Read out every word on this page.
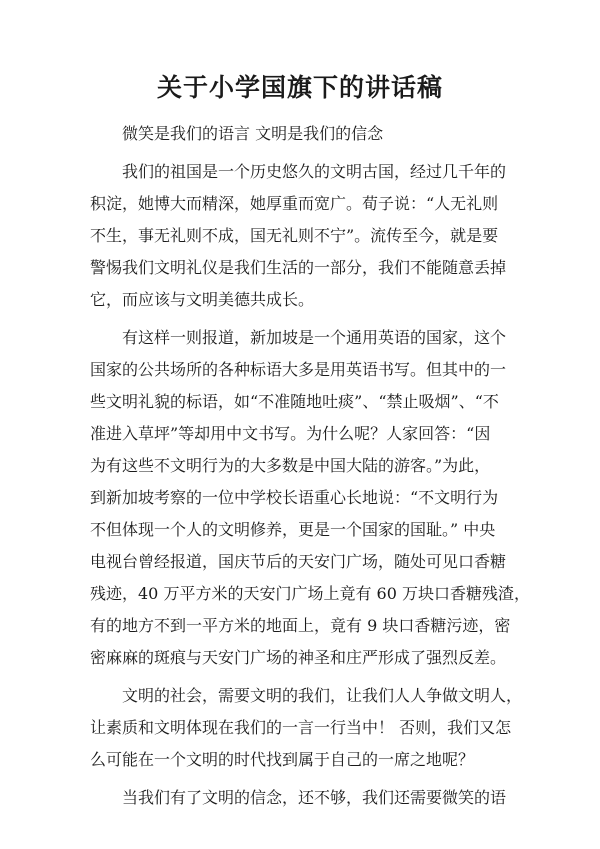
关于小学国旗下的讲话稿
微笑是我们的语言 文明是我们的信念
我们的祖国是一个历史悠久的文明古国，经过几千年的
积淀，她博大而精深，她厚重而宽广。荀子说：“人无礼则
不生，事无礼则不成，国无礼则不宁”。流传至今，就是要
警惕我们文明礼仪是我们生活的一部分，我们不能随意丢掉
它，而应该与文明美德共成长。
有这样一则报道，新加坡是一个通用英语的国家，这个
国家的公共场所的各种标语大多是用英语书写。但其中的一
些文明礼貌的标语，如“不准随地吐痰”、“禁止吸烟”、“不
准进入草坪”等却用中文书写。为什么呢？人家回答：“因
为有这些不文明行为的大多数是中国大陆的游客。”为此，
到新加坡考察的一位中学校长语重心长地说：“不文明行为
不但体现一个人的文明修养，更是一个国家的国耻。” 中央
电视台曾经报道，国庆节后的天安门广场，随处可见口香糖
残迹，40 万平方米的天安门广场上竟有 60 万块口香糖残渣，
有的地方不到一平方米的地面上，竟有 9 块口香糖污迹，密
密麻麻的斑痕与天安门广场的神圣和庄严形成了强烈反差。
文明的社会，需要文明的我们，让我们人人争做文明人，
让素质和文明体现在我们的一言一行当中！ 否则，我们又怎
么可能在一个文明的时代找到属于自己的一席之地呢？
当我们有了文明的信念，还不够，我们还需要微笑的语
